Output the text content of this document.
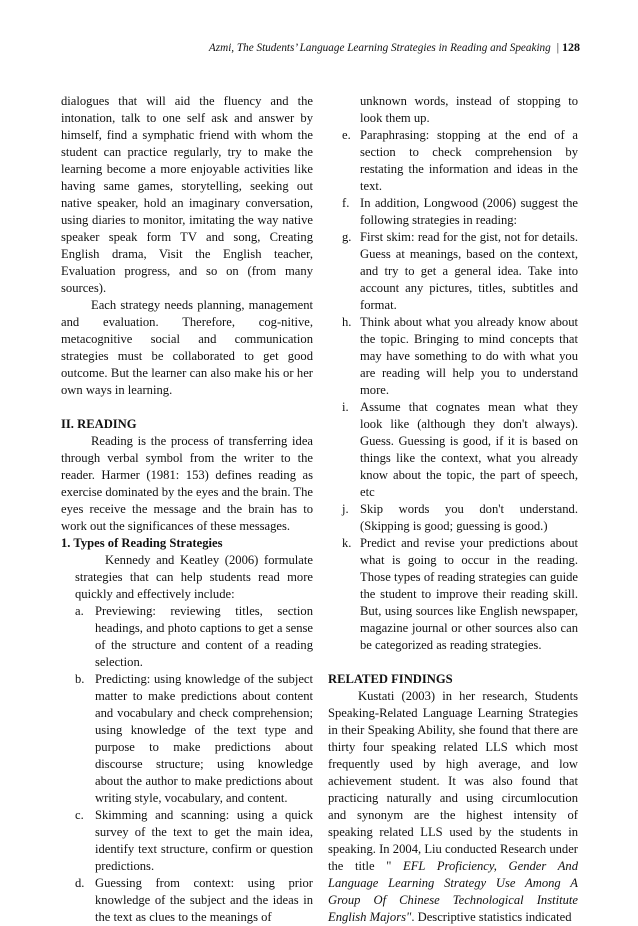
Azmi, The Students’ Language Learning Strategies in Reading and Speaking | 128

dialogues that will aid the fluency and the intonation, talk to one self ask and answer by himself, find a symphatic friend with whom the student can practice regularly, try to make the learning become a more enjoyable activities like having same games, storytelling, seeking out native speaker, hold an imaginary conversation, using diaries to monitor, imitating the way native speaker speak form TV and song, Creating English drama, Visit the English teacher, Evaluation progress, and so on (from many sources).

Each strategy needs planning, management and evaluation. Therefore, cog-nitive, metacognitive social and communication strategies must be collaborated to get good outcome. But the learner can also make his or her own ways in learning.

II. READING

Reading is the process of transferring idea through verbal symbol from the writer to the reader. Harmer (1981: 153) defines reading as exercise dominated by the eyes and the brain. The eyes receive the message and the brain has to work out the significances of these messages.

1. Types of Reading Strategies

Kennedy and Keatley (2006) formulate strategies that can help students read more quickly and effectively include:

a. Previewing: reviewing titles, section headings, and photo captions to get a sense of the structure and content of a reading selection.
b. Predicting: using knowledge of the subject matter to make predictions about content and vocabulary and check comprehension; using knowledge of the text type and purpose to make predictions about discourse structure; using knowledge about the author to make predictions about writing style, vocabulary, and content.
c. Skimming and scanning: using a quick survey of the text to get the main idea, identify text structure, confirm or question predictions.
d. Guessing from context: using prior knowledge of the subject and the ideas in the text as clues to the meanings of

unknown words, instead of stopping to look them up.

e. Paraphrasing: stopping at the end of a section to check comprehension by restating the information and ideas in the text.
f. In addition, Longwood (2006) suggest the following strategies in reading:
g. First skim: read for the gist, not for details. Guess at meanings, based on the context, and try to get a general idea. Take into account any pictures, titles, subtitles and format.
h. Think about what you already know about the topic. Bringing to mind concepts that may have something to do with what you are reading will help you to understand more.
i. Assume that cognates mean what they look like (although they don't always). Guess. Guessing is good, if it is based on things like the context, what you already know about the topic, the part of speech, etc
j. Skip words you don't understand. (Skipping is good; guessing is good.)
k. Predict and revise your predictions about what is going to occur in the reading. Those types of reading strategies can guide the student to improve their reading skill. But, using sources like English newspaper, magazine journal or other sources also can be categorized as reading strategies.
RELATED FINDINGS

Kustati (2003) in her research, Students Speaking-Related Language Learning Strategies in their Speaking Ability, she found that there are thirty four speaking related LLS which most frequently used by high average, and low achievement student. It was also found that practicing naturally and using circumlocution and synonym are the highest intensity of speaking related LLS used by the students in speaking. In 2004, Liu conducted Research under the title " EFL Proficiency, Gender And Language Learning Strategy Use Among A Group Of Chinese Technological Institute English Majors". Descriptive statistics indicated
